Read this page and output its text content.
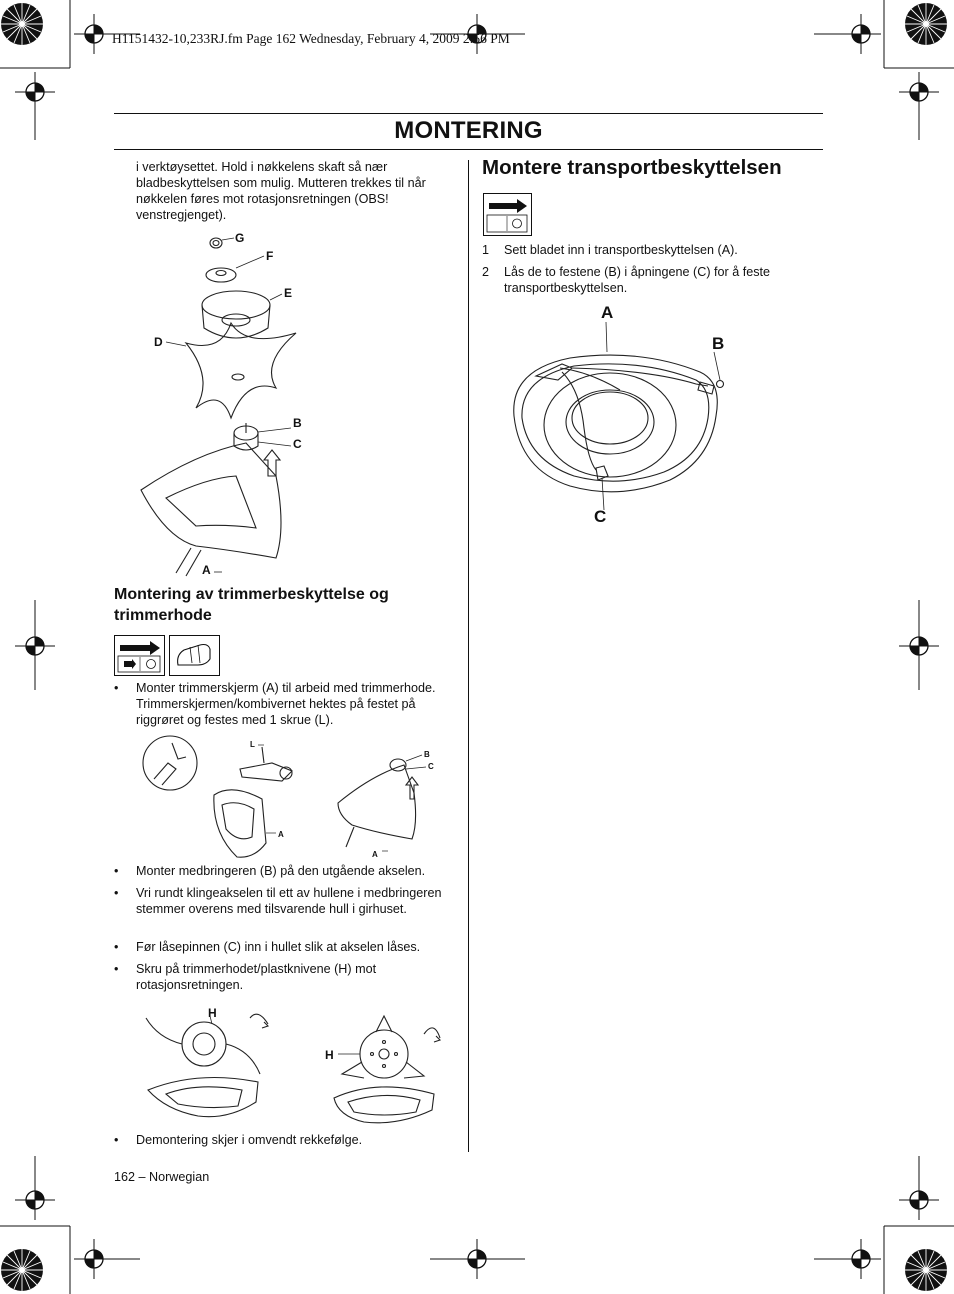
H1151432-10,233RJ.fm Page 162 Wednesday, February 4, 2009 2:56 PM
MONTERING
i verktøysettet. Hold i nøkkelens skaft så nær bladbeskyttelsen som mulig. Mutteren trekkes til når nøkkelen føres mot rotasjonsretningen (OBS! venstregjenget).
G
F
E
D
B
C
A
Montering av trimmerbeskyttelse og trimmerhode
• Monter trimmerskjerm (A) til arbeid med trimmerhode. Trimmerskjermen/kombivernet hektes på festet på riggrøret og festes med 1 skrue (L).
L
A
B
C
A
• Monter medbringeren (B) på den utgående akselen.
• Vri rundt klingeakselen til ett av hullene i medbringeren stemmer overens med tilsvarende hull i girhuset.
• Før låsepinnen (C) inn i hullet slik at akselen låses.
• Skru på trimmerhodet/plastknivene (H) mot rotasjonsretningen.
H
H
• Demontering skjer i omvendt rekkefølge.
162 – Norwegian
Montere transportbeskyttelsen
1 Sett bladet inn i transportbeskyttelsen (A).
2 Lås de to festene (B) i åpningene (C) for å feste transportbeskyttelsen.
A
B
C
